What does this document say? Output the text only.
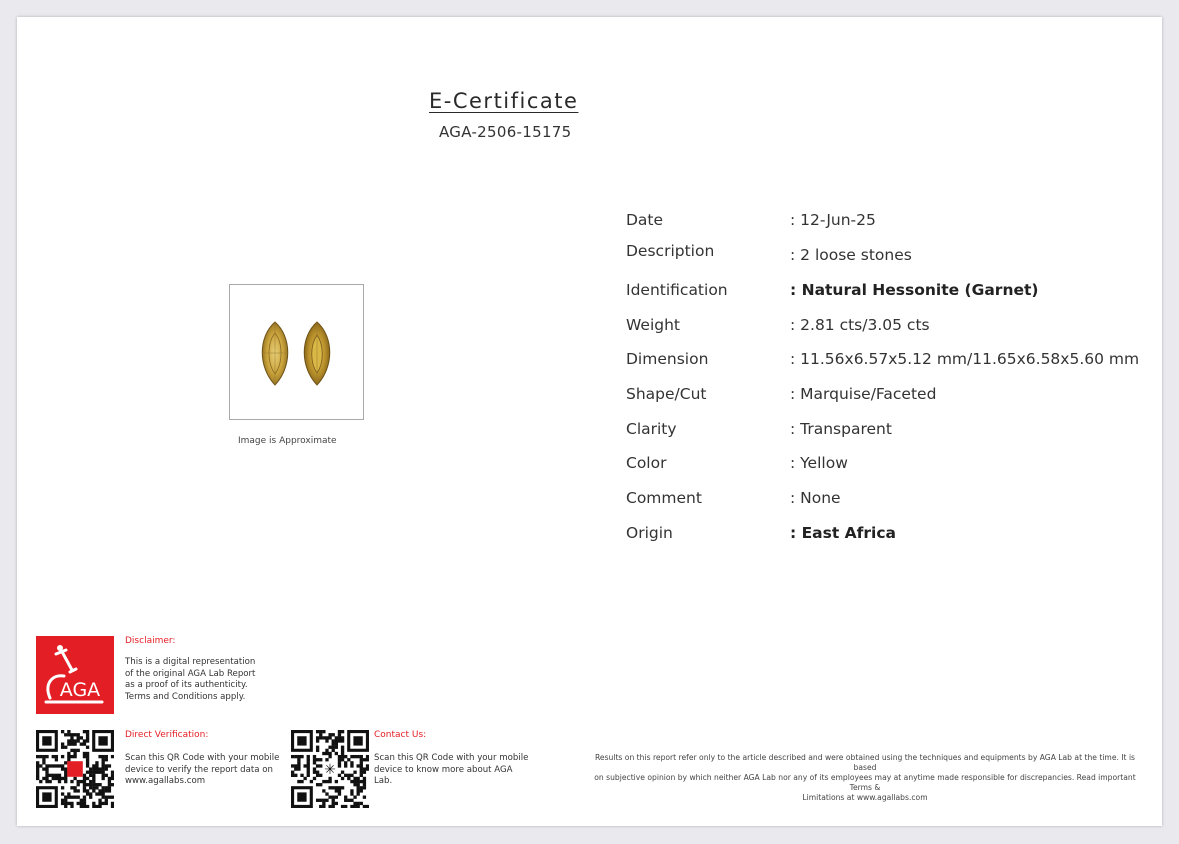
E-Certificate
AGA-2506-15175
Image is Approximate
Date	: 12-Jun-25
Description	: 2 loose stones
Identification	: Natural Hessonite (Garnet)
Weight	: 2.81 cts/3.05 cts
Dimension	: 11.56x6.57x5.12 mm/11.65x6.58x5.60 mm
Shape/Cut	: Marquise/Faceted
Clarity	: Transparent
Color	: Yellow
Comment	: None
Origin	: East Africa
AGA
Disclaimer:
This is a digital representation
of the original AGA Lab Report
as a proof of its authenticity.
Terms and Conditions apply.
Direct Verification:
Scan this QR Code with your mobile
device to verify the report data on
www.agallabs.com
✳
Contact Us:
Scan this QR Code with your mobile
device to know more about AGA
Lab.
Results on this report refer only to the article described and were obtained using the techniques and equipments by AGA Lab at the time. It is based
on subjective opinion by which neither AGA Lab nor any of its employees may at anytime made responsible for discrepancies. Read important Terms &
Limitations at www.agallabs.com
